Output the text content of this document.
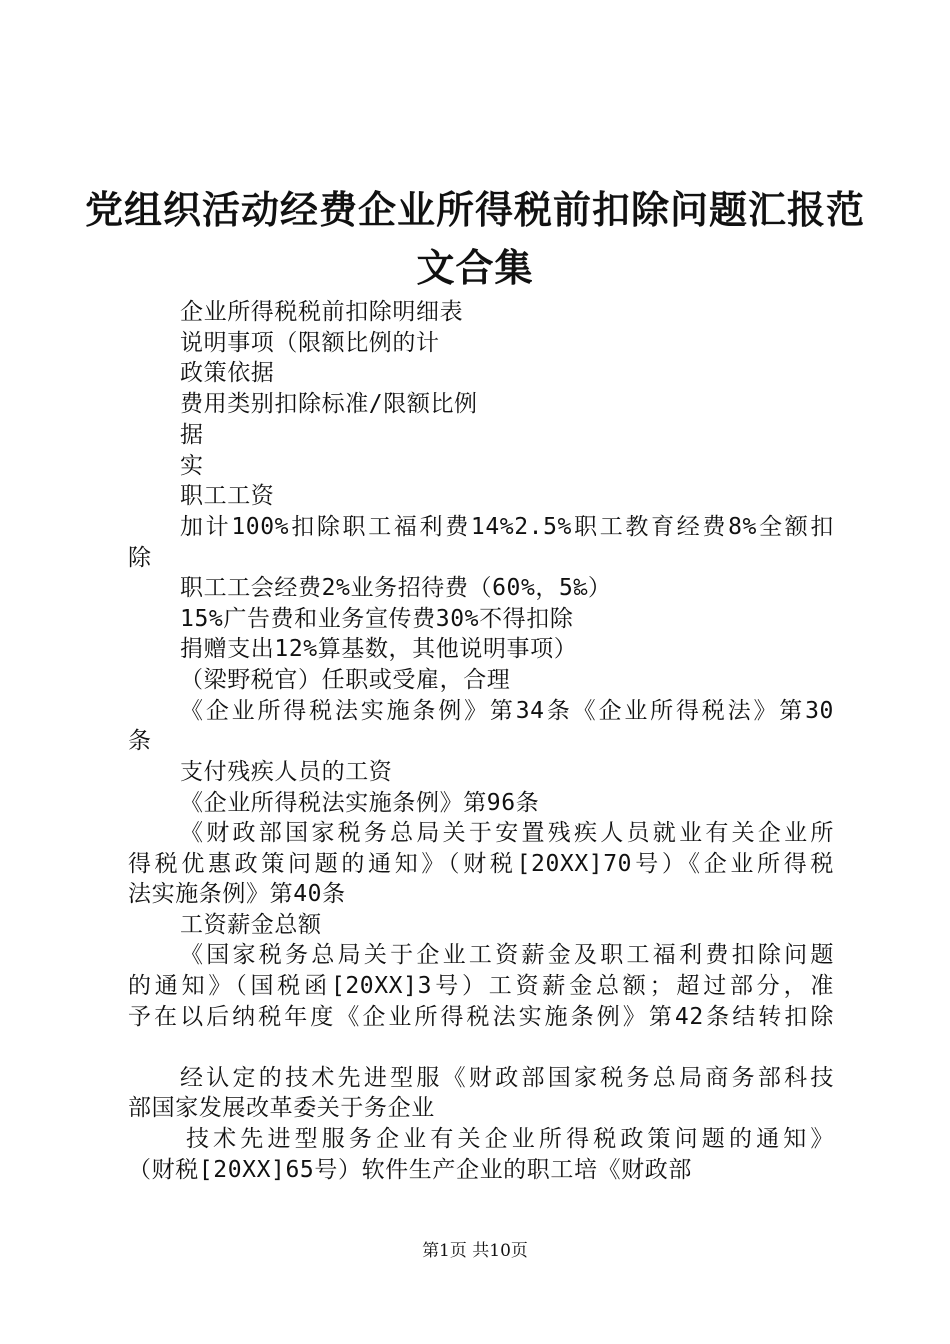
党组织活动经费企业所得税前扣除问题汇报范
文合集
企业所得税税前扣除明细表
说明事项（限额比例的计
政策依据
费用类别扣除标准/限额比例
据
实
职工工资
加计100%扣除职工福利费14%2.5%职工教育经费8%全额扣
除
职工工会经费2%业务招待费（60%，5‰）
15%广告费和业务宣传费30%不得扣除
捐赠支出12%算基数，其他说明事项）
（梁野税官）任职或受雇，合理
《企业所得税法实施条例》第34条《企业所得税法》第30
条
支付残疾人员的工资
《企业所得税法实施条例》第96条
《财政部国家税务总局关于安置残疾人员就业有关企业所
得税优惠政策问题的通知》（财税[20XX]70号）《企业所得税
法实施条例》第40条
工资薪金总额
《国家税务总局关于企业工资薪金及职工福利费扣除问题
的通知》（国税函[20XX]3号）工资薪金总额；超过部分，准
予在以后纳税年度《企业所得税法实施条例》第42条结转扣除
经认定的技术先进型服《财政部国家税务总局商务部科技
部国家发展改革委关于务企业
技术先进型服务企业有关企业所得税政策问题的通知》
（财税[20XX]65号）软件生产企业的职工培《财政部
第1页 共10页
